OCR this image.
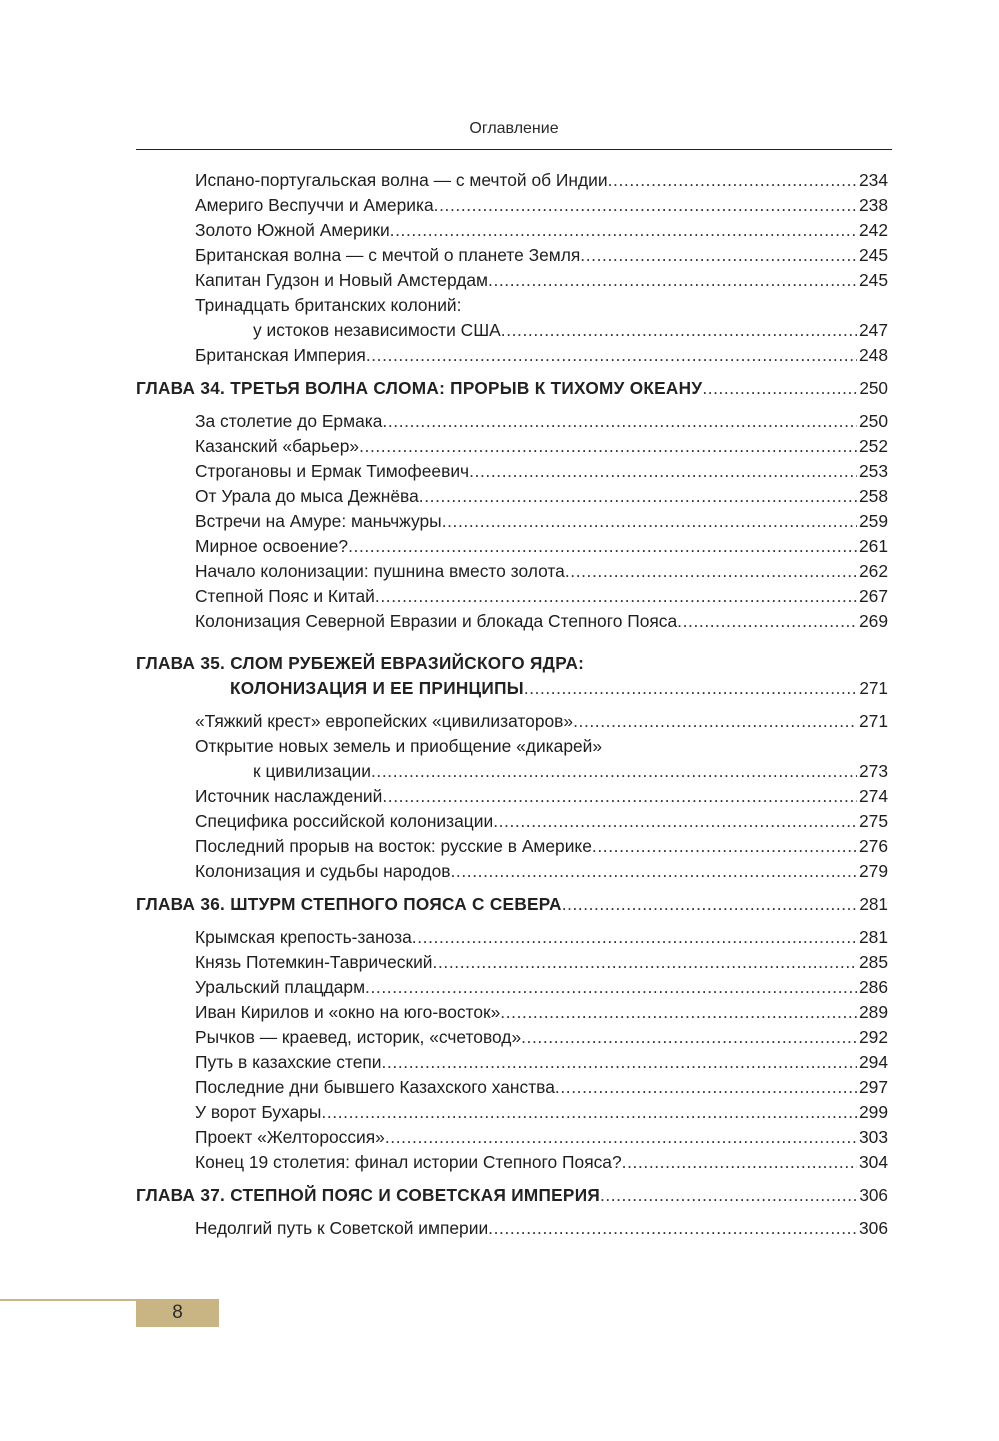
Оглавление
Испано-португальская волна — с мечтой об Индии .....	234
Америго Веспуччи и Америка .....	238
Золото Южной Америки .....	242
Британская волна — с мечтой о планете Земля .....	245
Капитан Гудзон и Новый Амстердам .....	245
Тринадцать британских колоний:
у истоков независимости США .....	247
Британская Империя .....	248
ГЛАВА 34. ТРЕТЬЯ ВОЛНА СЛОМА: ПРОРЫВ К ТИХОМУ ОКЕАНУ .....	250
За столетие до Ермака .....	250
Казанский «барьер» .....	252
Строгановы и Ермак Тимофеевич .....	253
От Урала до мыса Дежнёва .....	258
Встречи на Амуре: маньчжуры .....	259
Мирное освоение? .....	261
Начало колонизации: пушнина вместо золота .....	262
Степной Пояс и Китай .....	267
Колонизация Северной Евразии и блокада Степного Пояса .....	269
ГЛАВА 35. СЛОМ РУБЕЖЕЙ ЕВРАЗИЙСКОГО ЯДРА:
КОЛОНИЗАЦИЯ И ЕЕ ПРИНЦИПЫ .....	271
«Тяжкий крест» европейских «цивилизаторов» .....	271
Открытие новых земель и приобщение «дикарей»
к цивилизации .....	273
Источник наслаждений .....	274
Специфика российской колонизации .....	275
Последний прорыв на восток: русские в Америке .....	276
Колонизация и судьбы народов .....	279
ГЛАВА 36. ШТУРМ СТЕПНОГО ПОЯСА С СЕВЕРА .....	281
Крымская крепость-заноза .....	281
Князь Потемкин-Таврический .....	285
Уральский плацдарм .....	286
Иван Кирилов и «окно на юго-восток» .....	289
Рычков — краевед, историк, «счетовод» .....	292
Путь в казахские степи .....	294
Последние дни бывшего Казахского ханства .....	297
У ворот Бухары .....	299
Проект «Желтороссия» .....	303
Конец 19 столетия: финал истории Степного Пояса? .....	304
ГЛАВА 37. СТЕПНОЙ ПОЯС И СОВЕТСКАЯ ИМПЕРИЯ .....	306
Недолгий путь к Советской империи .....	306
8
